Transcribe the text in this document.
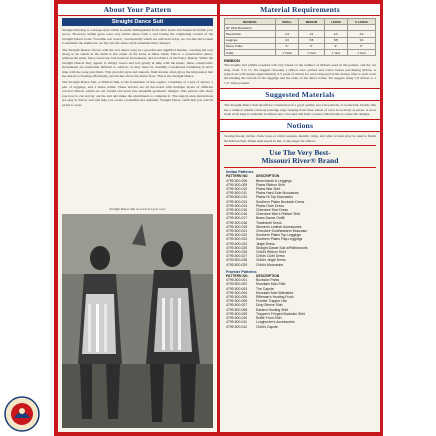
About Your Pattern
Straight Dance Suit

Straight Dancing is a unique style which is easily distinguished from other styles and American Indian pow wows. However, unlike grass were very subtle dance form a real having the originating context of the Straight Dance is the "foretime war dance" ceremonially which are still held today. As can this have taken to maintain the traditions, we buy has the dance style remained little changed.

The Straight Dancer moves with the war dance song in a graceful and dignified manner, weaving his way along so he stands in the drum to the center of the arena at times while. This is a conservative dance, without the spins, fancy footwork, fast-bumcast movements, and acrobatics of the Fancy Dancer. While the Straight Dancer may appear to simply weave and bob gently in time with the music, these conservative movements are somewhat difficult to achieve, as they must be carefully coordinated remaining in strict time with the song and drum. This graceful style and smooth, fluid motion often gives the impression that the dancer is floating effortlessly, just inches above the dance floor. This is the Straight Dance.

The Straight Dance Suit, or Ribbon Suit, is the foundation of this regalia, consisting of a pair of aprons, a pair of leggings, and a dance trailer. These articles are all decorated with multiple layers of different colored ribbons which are cut, folded and sewn into beautiful geometric designs. This pattern will show you how to cut and lay out the suit and make the adornments to complete it. The step-by-step instructions are easy to follow and will help you create a beautiful and authentic Straight Dance outfit that you will be proud to wear.

Straight Dance Suit as worn at a pow wow
Material Requirements
MATERIAL	SMALL	MEDIUM	LARGE	X-LARGE
60" Wide Broadcloth				
Breechcloth	1/2	1/2	1/2	1/2
Leggings	1/2	5/8	5/8	3/4
Dance Trailer	6"	6"	9"	9"
Totals	1 Yards	1 Yard	1 Yard	1 Yard
RIBBON

The lengths and widths required will vary based on the number of ribbons used in the pattern, and the cut strip, from 3 to 15. We suggest choosing a ribbon color pattern and colors before purchasing ribbon. A typical set will require approximately 4.5 yards of ribbon for each strip used in the design. Due to such costs the binding the bottom of the leggings and the sides of the dance trailer. We suggest using 5-8 ribbon or a 1/2" stripe pattern.

Suggested Materials

The Straight Dance Suit should be constructed of a good quality wool broadcloth, or tradecloth. Ideally this has a rainbow (multi-colored) selvedge edge ranging from three bands of color in as many as seven. A wool trade cloth edge is available in almost any color and will hold a crease which helps to create the designs.

Notions

Sewing thread, rubber cloth, brass or silver sequins, metallic rings, and other accents may be used to finish the Ribbon Suit. When used heads in Ind. to the edges for ribbon.

Use The Very Best-
Missouri River® Brand
Indian Patterns
PATTERN NO.	DESCRIPTION
4799-500-006	Breechcloth & Leggings
4799-500-009	Plains Ribbon Shirt
4799-500-010	Plains War Shirt
4799-500-011	Plains Hard-Sole Moccasins
4799-500-012	Plains Hi-Top Moccasins
4799-500-013	Southern Plains Buckskin Dress
4799-500-014	Plains Cloth Dress
4799-500-015	Cherokee Tear Dress
4799-500-016	Cherokee Men's Ribbon Shirt
4799-500-017	Brass Dance Outfit
4799-500-018	Tradecloth Dress
4799-500-019	Women's Leather Accessories
4799-500-021	Cherokee Southeastern Moccasin
4799-500-022	Southern Plains Top Leggings
4799-500-023	Southern Plains Flap Leggings
4799-500-024	Jingle Dress
4799-500-025	Straight Dance Suit w/Ribbonwork
4799-500-026	Child's Ribbon Shirt
4799-500-027	Child's Cloth Dress
4799-500-028	Child's Jingle Dress
4799-500-029	Child's Moccasins
Frontier Patterns
PATTERN NO.	DESCRIPTION
4799-500-001	Buckskin Pants
4799-500-002	Mountain Man Shirt
4799-500-003	The Capote
4799-500-004	Mountain Man Waistshirt
4799-500-005	Rifleman's Hunting Frock
4799-500-006	Frontier Trapper Hat
4799-500-007	Drop Sleeve Shirt
4799-500-008	Eastern Hunting Shirt
4799-500-009	Trapper's Fringed Buckskin Shirt
4799-500-010	Ruffle Front Shirt
4799-500-011	Longhunter's Accessories
4799-500-012	Child's Capote
